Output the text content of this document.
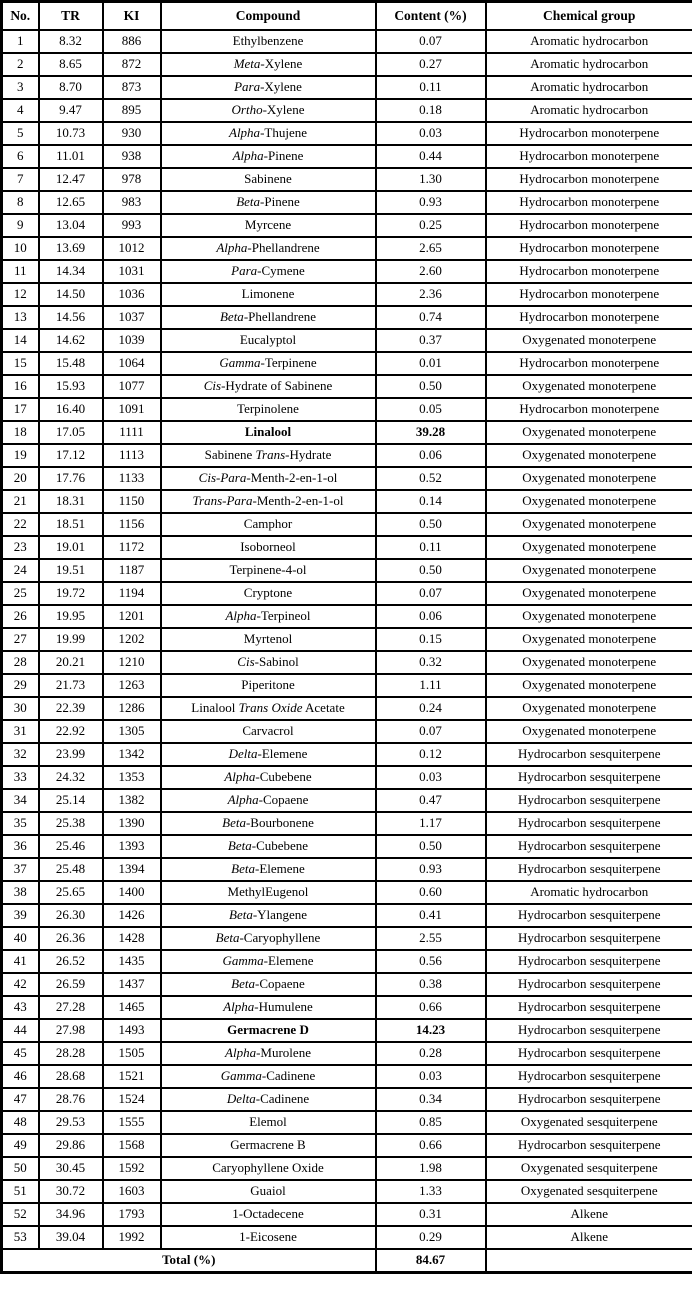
No.	TR	KI	Compound	Content (%)	Chemical group
1	8.32	886	Ethylbenzene	0.07	Aromatic hydrocarbon
2	8.65	872	Meta-Xylene	0.27	Aromatic hydrocarbon
3	8.70	873	Para-Xylene	0.11	Aromatic hydrocarbon
4	9.47	895	Ortho-Xylene	0.18	Aromatic hydrocarbon
5	10.73	930	Alpha-Thujene	0.03	Hydrocarbon monoterpene
6	11.01	938	Alpha-Pinene	0.44	Hydrocarbon monoterpene
7	12.47	978	Sabinene	1.30	Hydrocarbon monoterpene
8	12.65	983	Beta-Pinene	0.93	Hydrocarbon monoterpene
9	13.04	993	Myrcene	0.25	Hydrocarbon monoterpene
10	13.69	1012	Alpha-Phellandrene	2.65	Hydrocarbon monoterpene
11	14.34	1031	Para-Cymene	2.60	Hydrocarbon monoterpene
12	14.50	1036	Limonene	2.36	Hydrocarbon monoterpene
13	14.56	1037	Beta-Phellandrene	0.74	Hydrocarbon monoterpene
14	14.62	1039	Eucalyptol	0.37	Oxygenated monoterpene
15	15.48	1064	Gamma-Terpinene	0.01	Hydrocarbon monoterpene
16	15.93	1077	Cis-Hydrate of Sabinene	0.50	Oxygenated monoterpene
17	16.40	1091	Terpinolene	0.05	Hydrocarbon monoterpene
18	17.05	1111	Linalool	39.28	Oxygenated monoterpene
19	17.12	1113	Sabinene Trans-Hydrate	0.06	Oxygenated monoterpene
20	17.76	1133	Cis-Para-Menth-2-en-1-ol	0.52	Oxygenated monoterpene
21	18.31	1150	Trans-Para-Menth-2-en-1-ol	0.14	Oxygenated monoterpene
22	18.51	1156	Camphor	0.50	Oxygenated monoterpene
23	19.01	1172	Isoborneol	0.11	Oxygenated monoterpene
24	19.51	1187	Terpinene-4-ol	0.50	Oxygenated monoterpene
25	19.72	1194	Cryptone	0.07	Oxygenated monoterpene
26	19.95	1201	Alpha-Terpineol	0.06	Oxygenated monoterpene
27	19.99	1202	Myrtenol	0.15	Oxygenated monoterpene
28	20.21	1210	Cis-Sabinol	0.32	Oxygenated monoterpene
29	21.73	1263	Piperitone	1.11	Oxygenated monoterpene
30	22.39	1286	Linalool Trans Oxide Acetate	0.24	Oxygenated monoterpene
31	22.92	1305	Carvacrol	0.07	Oxygenated monoterpene
32	23.99	1342	Delta-Elemene	0.12	Hydrocarbon sesquiterpene
33	24.32	1353	Alpha-Cubebene	0.03	Hydrocarbon sesquiterpene
34	25.14	1382	Alpha-Copaene	0.47	Hydrocarbon sesquiterpene
35	25.38	1390	Beta-Bourbonene	1.17	Hydrocarbon sesquiterpene
36	25.46	1393	Beta-Cubebene	0.50	Hydrocarbon sesquiterpene
37	25.48	1394	Beta-Elemene	0.93	Hydrocarbon sesquiterpene
38	25.65	1400	MethylEugenol	0.60	Aromatic hydrocarbon
39	26.30	1426	Beta-Ylangene	0.41	Hydrocarbon sesquiterpene
40	26.36	1428	Beta-Caryophyllene	2.55	Hydrocarbon sesquiterpene
41	26.52	1435	Gamma-Elemene	0.56	Hydrocarbon sesquiterpene
42	26.59	1437	Beta-Copaene	0.38	Hydrocarbon sesquiterpene
43	27.28	1465	Alpha-Humulene	0.66	Hydrocarbon sesquiterpene
44	27.98	1493	Germacrene D	14.23	Hydrocarbon sesquiterpene
45	28.28	1505	Alpha-Murolene	0.28	Hydrocarbon sesquiterpene
46	28.68	1521	Gamma-Cadinene	0.03	Hydrocarbon sesquiterpene
47	28.76	1524	Delta-Cadinene	0.34	Hydrocarbon sesquiterpene
48	29.53	1555	Elemol	0.85	Oxygenated sesquiterpene
49	29.86	1568	Germacrene B	0.66	Hydrocarbon sesquiterpene
50	30.45	1592	Caryophyllene Oxide	1.98	Oxygenated sesquiterpene
51	30.72	1603	Guaiol	1.33	Oxygenated sesquiterpene
52	34.96	1793	1-Octadecene	0.31	Alkene
53	39.04	1992	1-Eicosene	0.29	Alkene
Total (%)				84.67	
